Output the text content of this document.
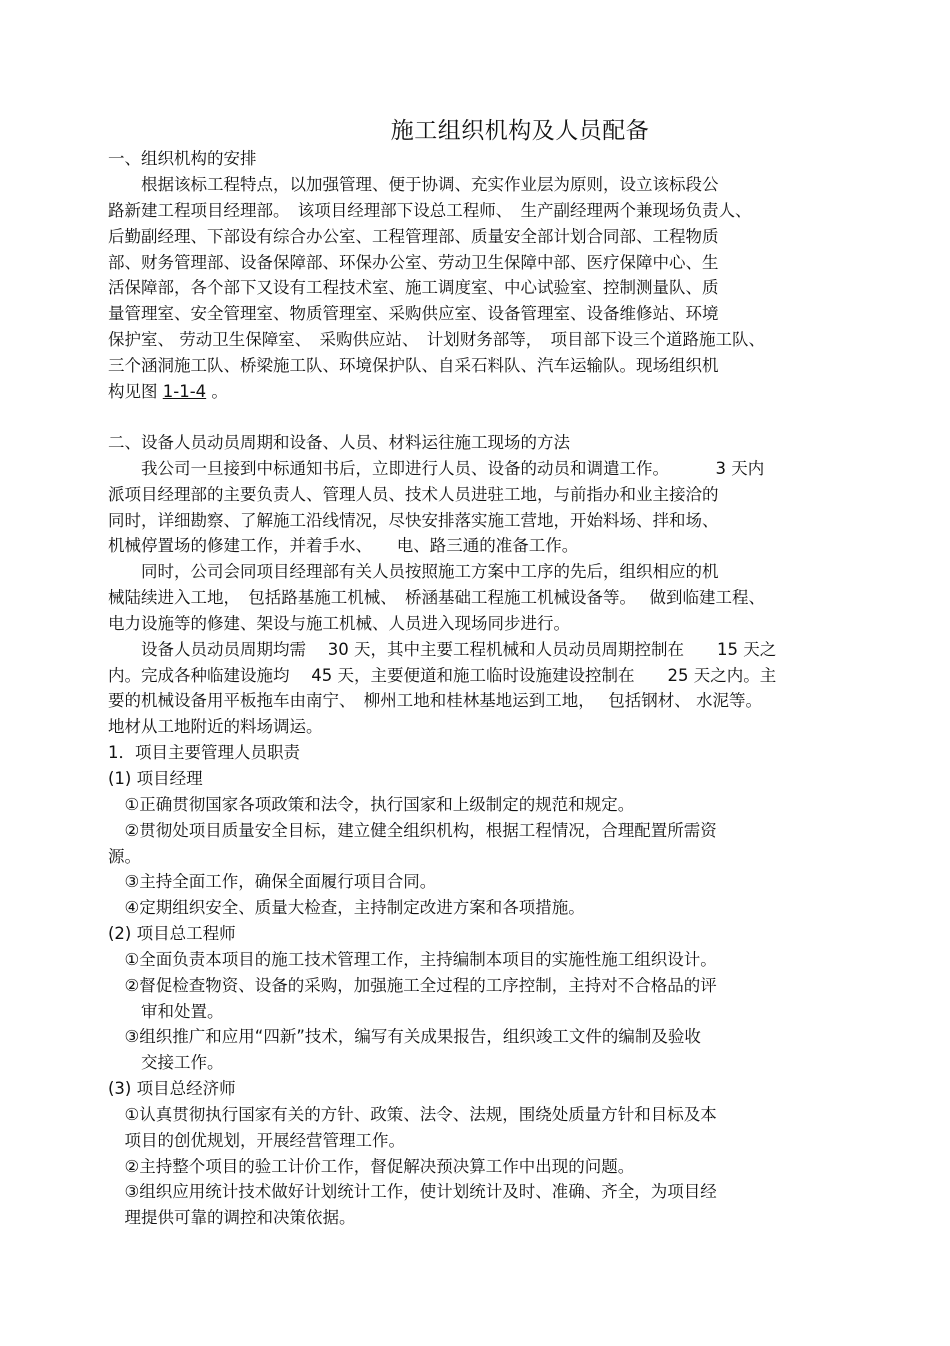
施工组织机构及人员配备
一、组织机构的安排
　　根据该标工程特点，以加强管理、便于协调、充实作业层为原则，设立该标段公
路新建工程项目经理部。　该项目经理部下设总工程师、　生产副经理两个兼现场负责人、
后勤副经理、下部设有综合办公室、工程管理部、质量安全部计划合同部、工程物质
部、财务管理部、设备保障部、环保办公室、劳动卫生保障中部、医疗保障中心、生
活保障部，各个部下又设有工程技术室、施工调度室、中心试验室、控制测量队、质
量管理室、安全管理室、物质管理室、采购供应室、设备管理室、设备维修站、环境
保护室、 劳动卫生保障室、　采购供应站、　计划财务部等，　项目部下设三个道路施工队、
三个涵洞施工队、桥梁施工队、环境保护队、自采石料队、汽车运输队。现场组织机
构见图 1-1-4 。
二、设备人员动员周期和设备、人员、材料运往施工现场的方法
　　我公司一旦接到中标通知书后，立即进行人员、设备的动员和调遣工作。　　　 3 天内
派项目经理部的主要负责人、管理人员、技术人员进驻工地，与前指办和业主接洽的
同时，详细勘察、了解施工沿线情况，尽快安排落实施工营地，开始料场、拌和场、
机械停置场的修建工作，并着手水、　　电、路三通的准备工作。
　　同时，公司会同项目经理部有关人员按照施工方案中工序的先后，组织相应的机
械陆续进入工地，　包括路基施工机械、　桥涵基础工程施工机械设备等。　 做到临建工程、
电力设施等的修建、架设与施工机械、人员进入现场同步进行。
　　设备人员动员周期均需　 30 天，其中主要工程机械和人员动员周期控制在　　15 天之
内。完成各种临建设施均　 45 天，主要便道和施工临时设施建设控制在　　25 天之内。主
要的机械设备用平板拖车由南宁、　柳州工地和桂林基地运到工地，　 包括钢材、 水泥等。
地材从工地附近的料场调运。
1．项目主要管理人员职责
(1) 项目经理
　①正确贯彻国家各项政策和法令，执行国家和上级制定的规范和规定。
　②贯彻处项目质量安全目标，建立健全组织机构，根据工程情况，合理配置所需资
源。
　③主持全面工作，确保全面履行项目合同。
　④定期组织安全、质量大检查，主持制定改进方案和各项措施。
(2) 项目总工程师
　①全面负责本项目的施工技术管理工作，主持编制本项目的实施性施工组织设计。
　②督促检查物资、设备的采购，加强施工全过程的工序控制，主持对不合格品的评
　　审和处置。
　③组织推广和应用“四新”技术，编写有关成果报告，组织竣工文件的编制及验收
　　交接工作。
(3) 项目总经济师
　①认真贯彻执行国家有关的方针、政策、法令、法规，围绕处质量方针和目标及本
　项目的创优规划，开展经营管理工作。
　②主持整个项目的验工计价工作，督促解决预决算工作中出现的问题。
　③组织应用统计技术做好计划统计工作，使计划统计及时、准确、齐全，为项目经
　理提供可靠的调控和决策依据。
